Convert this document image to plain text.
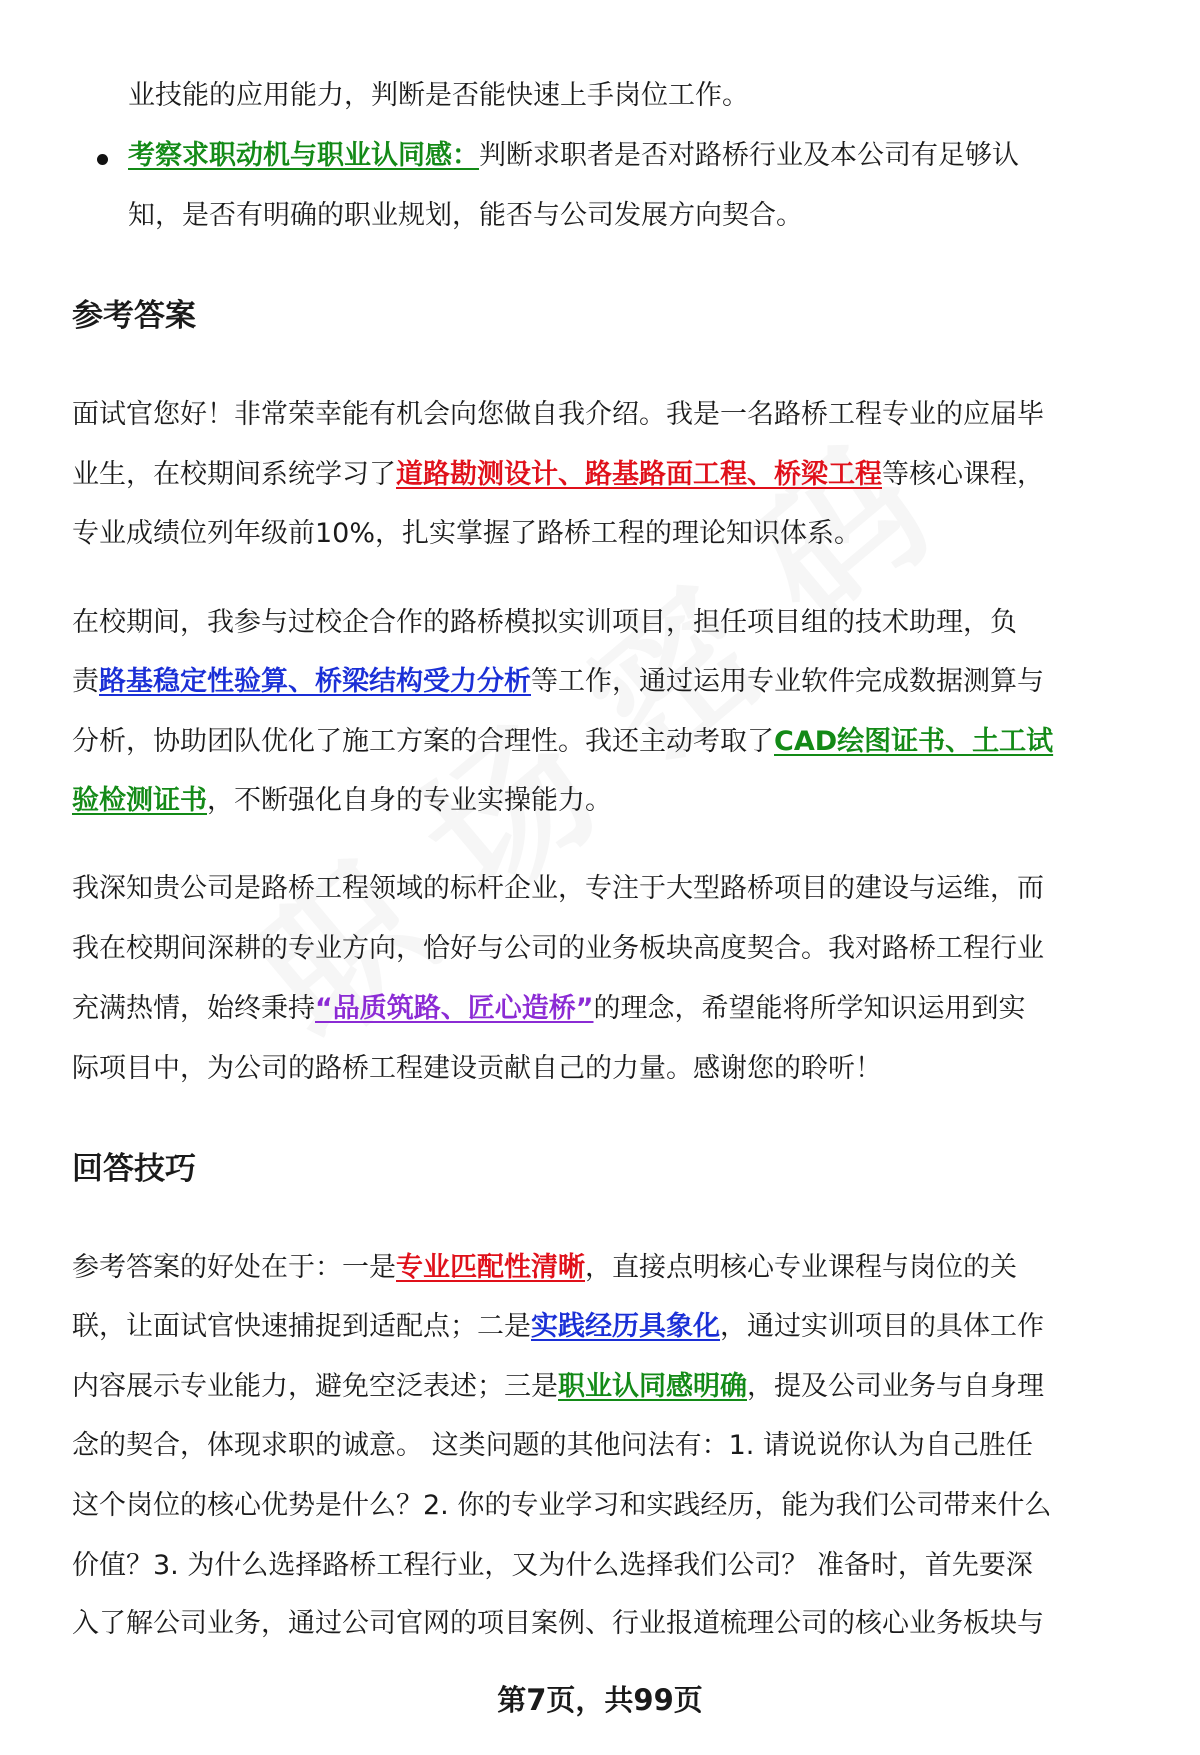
业技能的应用能力，判断是否能快速上手岗位工作。
考察求职动机与职业认同感：判断求职者是否对路桥行业及本公司有足够认
知，是否有明确的职业规划，能否与公司发展方向契合。
参考答案
面试官您好！非常荣幸能有机会向您做自我介绍。我是一名路桥工程专业的应届毕
业生，在校期间系统学习了道路勘测设计、路基路面工程、桥梁工程等核心课程，
专业成绩位列年级前10%，扎实掌握了路桥工程的理论知识体系。
在校期间，我参与过校企合作的路桥模拟实训项目，担任项目组的技术助理，负
责路基稳定性验算、桥梁结构受力分析等工作，通过运用专业软件完成数据测算与
分析，协助团队优化了施工方案的合理性。我还主动考取了CAD绘图证书、土工试
验检测证书，不断强化自身的专业实操能力。
我深知贵公司是路桥工程领域的标杆企业，专注于大型路桥项目的建设与运维，而
我在校期间深耕的专业方向，恰好与公司的业务板块高度契合。我对路桥工程行业
充满热情，始终秉持“品质筑路、匠心造桥”的理念，希望能将所学知识运用到实
际项目中，为公司的路桥工程建设贡献自己的力量。感谢您的聆听！
回答技巧
参考答案的好处在于：一是专业匹配性清晰，直接点明核心专业课程与岗位的关
联，让面试官快速捕捉到适配点；二是实践经历具象化，通过实训项目的具体工作
内容展示专业能力，避免空泛表述；三是职业认同感明确，提及公司业务与自身理
念的契合，体现求职的诚意。 这类问题的其他问法有：1. 请说说你认为自己胜任
这个岗位的核心优势是什么？2. 你的专业学习和实践经历，能为我们公司带来什么
价值？3. 为什么选择路桥工程行业，又为什么选择我们公司？ 准备时，首先要深
入了解公司业务，通过公司官网的项目案例、行业报道梳理公司的核心业务板块与
第7页，共99页
